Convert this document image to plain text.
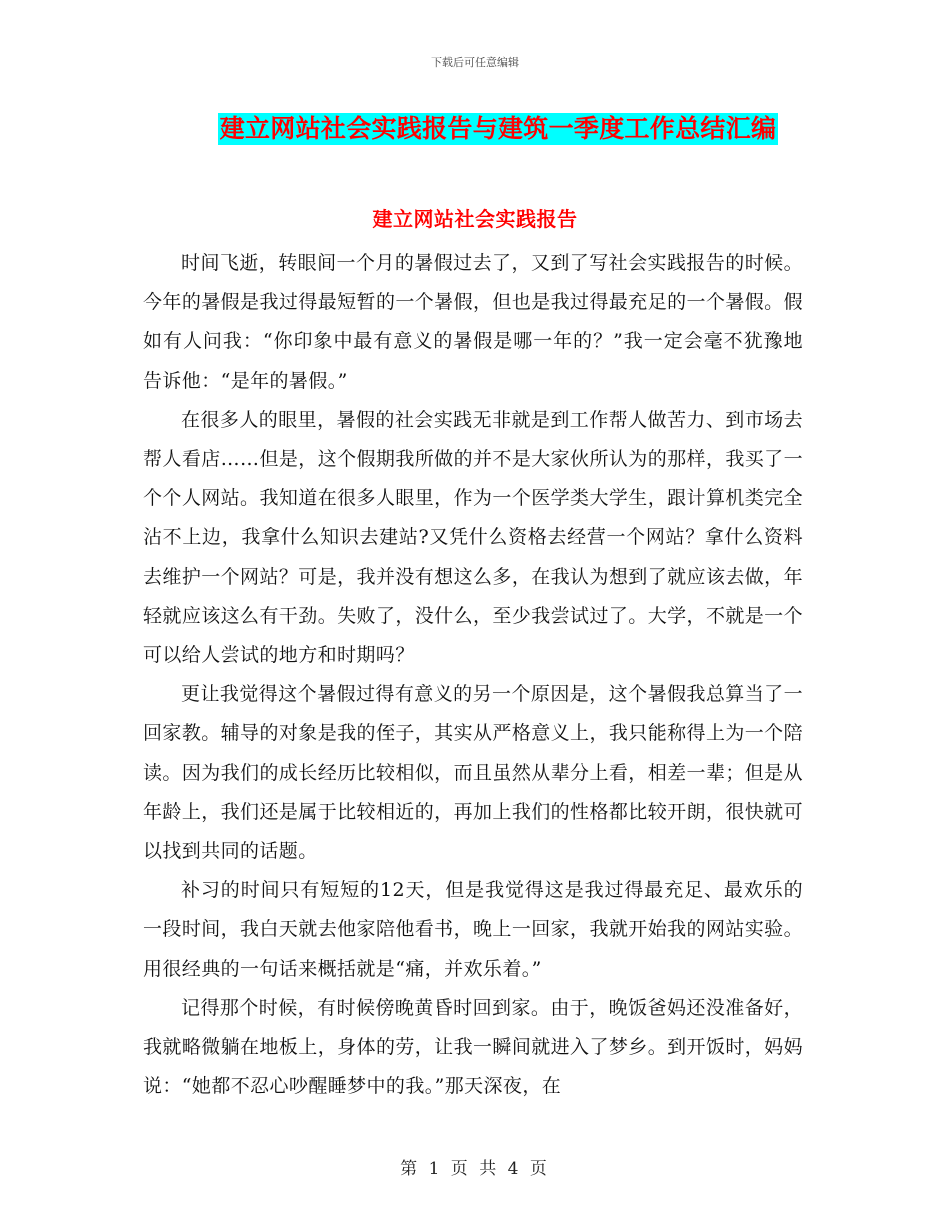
下载后可任意编辑
建立网站社会实践报告与建筑一季度工作总结汇编
建立网站社会实践报告

时间飞逝，转眼间一个月的暑假过去了，又到了写社会实践报告的时候。今年的暑假是我过得最短暂的一个暑假，但也是我过得最充足的一个暑假。假如有人问我：“你印象中最有意义的暑假是哪一年的？”我一定会毫不犹豫地告诉他：“是年的暑假。”

在很多人的眼里，暑假的社会实践无非就是到工作帮人做苦力、到市场去帮人看店……但是，这个假期我所做的并不是大家伙所认为的那样，我买了一个个人网站。我知道在很多人眼里，作为一个医学类大学生，跟计算机类完全沾不上边，我拿什么知识去建站?又凭什么资格去经营一个网站？拿什么资料去维护一个网站？可是，我并没有想这么多，在我认为想到了就应该去做，年轻就应该这么有干劲。失败了，没什么，至少我尝试过了。大学，不就是一个可以给人尝试的地方和时期吗？

更让我觉得这个暑假过得有意义的另一个原因是，这个暑假我总算当了一回家教。辅导的对象是我的侄子，其实从严格意义上，我只能称得上为一个陪读。因为我们的成长经历比较相似，而且虽然从辈分上看，相差一辈；但是从年龄上，我们还是属于比较相近的，再加上我们的性格都比较开朗，很快就可以找到共同的话题。

补习的时间只有短短的12天，但是我觉得这是我过得最充足、最欢乐的一段时间，我白天就去他家陪他看书，晚上一回家，我就开始我的网站实验。用很经典的一句话来概括就是“痛，并欢乐着。”

记得那个时候，有时候傍晚黄昏时回到家。由于，晚饭爸妈还没准备好，我就略微躺在地板上，身体的劳，让我一瞬间就进入了梦乡。到开饭时，妈妈说：“她都不忍心吵醒睡梦中的我。”那天深夜，在

第 1 页 共 4 页
